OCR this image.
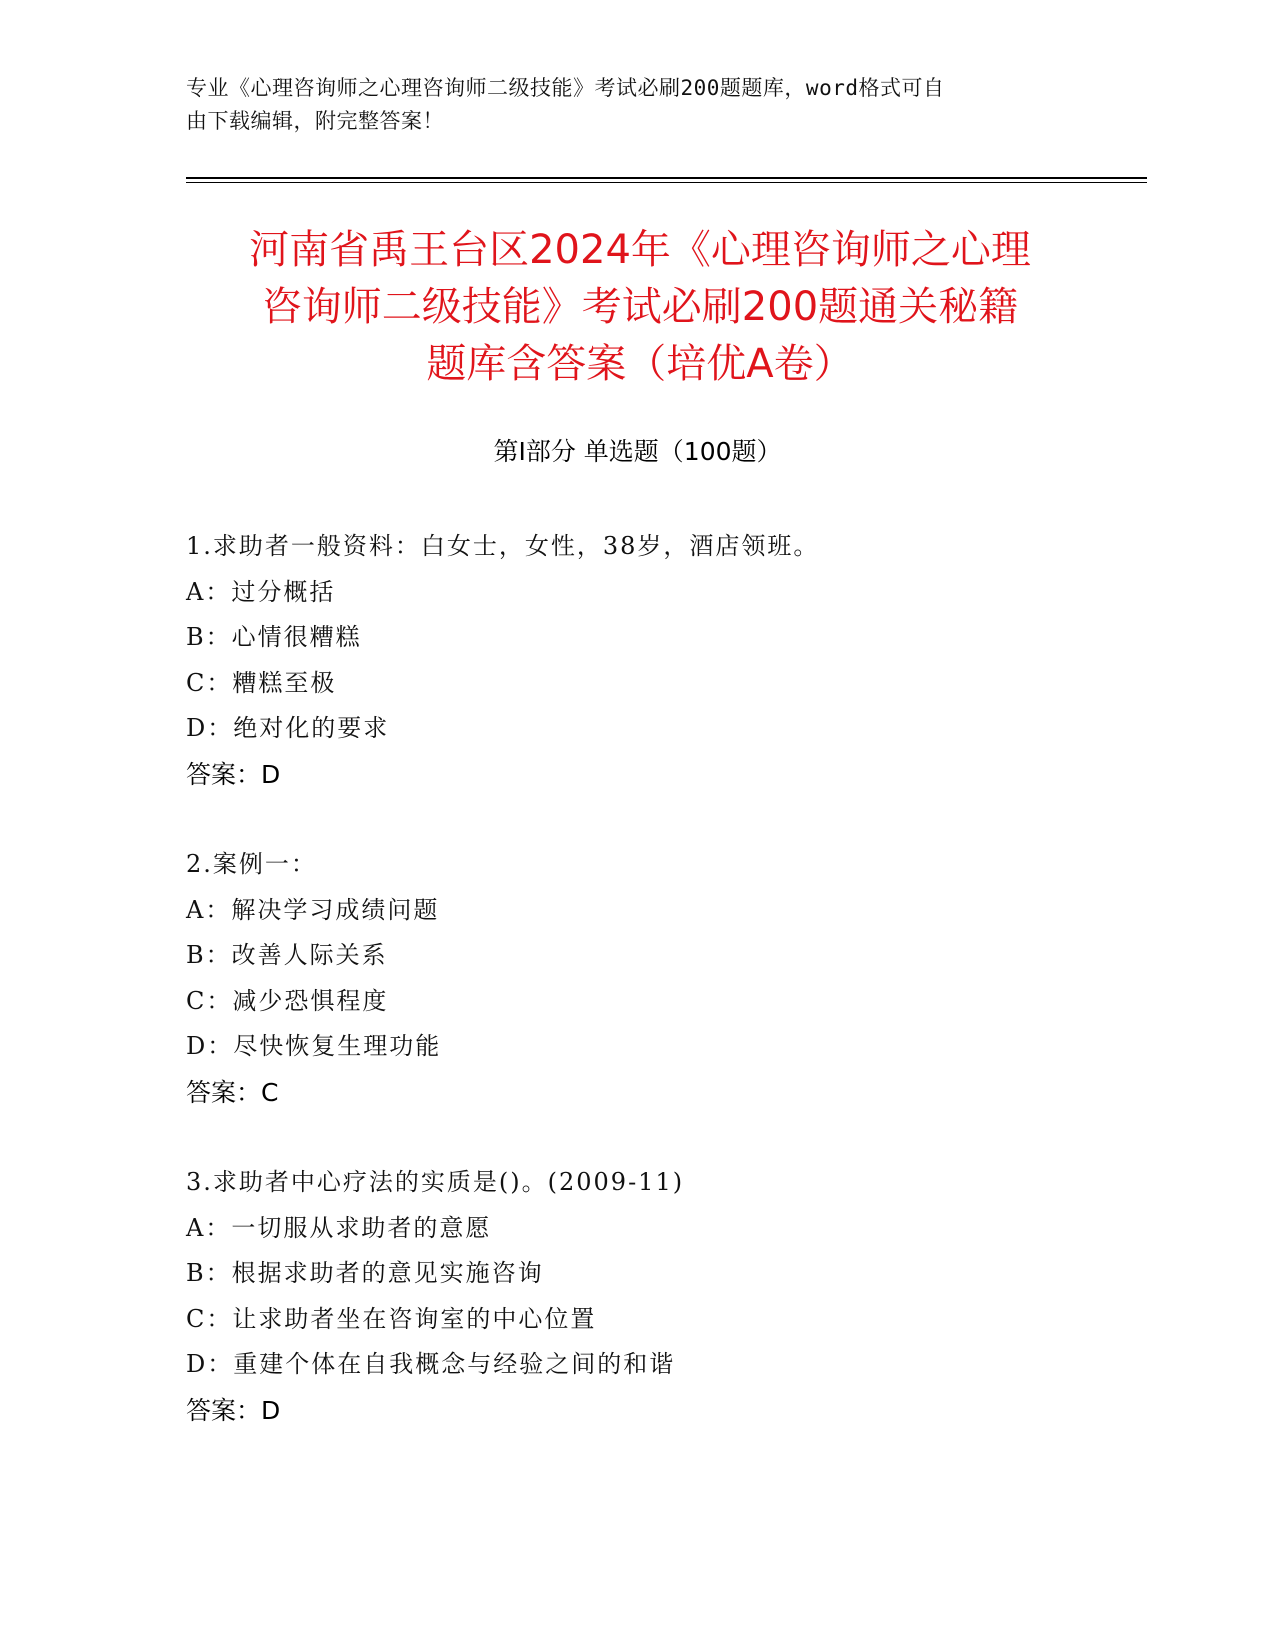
专业《心理咨询师之心理咨询师二级技能》考试必刷200题题库，word格式可自
由下载编辑，附完整答案！
河南省禹王台区2024年《心理咨询师之心理
咨询师二级技能》考试必刷200题通关秘籍
题库含答案（培优A卷）
第Ⅰ部分 单选题（100题）
1.求助者一般资料：白女士，女性，38岁，酒店领班。
A：过分概括
B：心情很糟糕
C：糟糕至极
D：绝对化的要求
答案：D
2.案例一：
A：解决学习成绩问题
B：改善人际关系
C：减少恐惧程度
D：尽快恢复生理功能
答案：C
3.求助者中心疗法的实质是()。(2009-11)
A：一切服从求助者的意愿
B：根据求助者的意见实施咨询
C：让求助者坐在咨询室的中心位置
D：重建个体在自我概念与经验之间的和谐
答案：D
